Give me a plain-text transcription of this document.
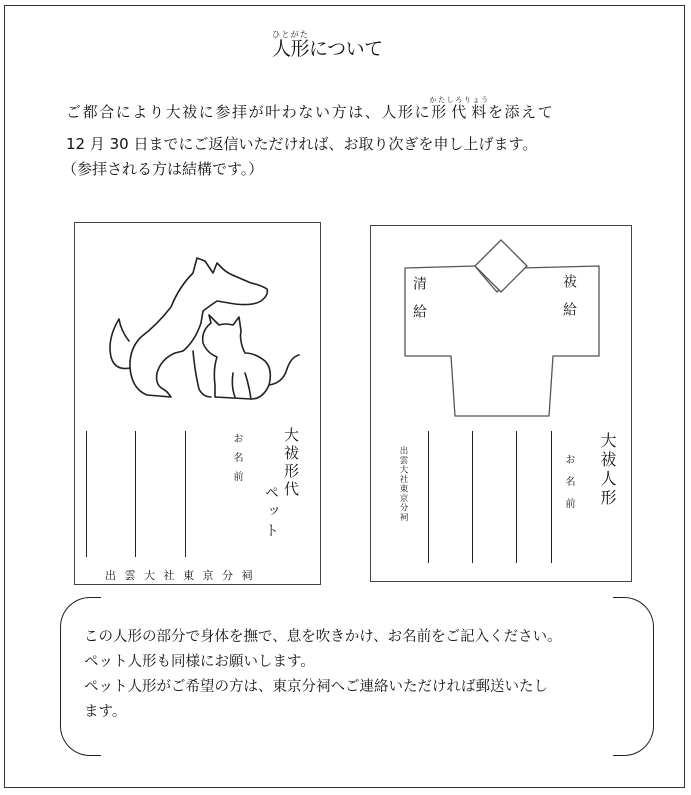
人形ひとがたについて
ご都合により大祓に参拝が叶わない方は、人形に形代料かたしろりょうを添えて
12 月 30 日までにご返信いただければ、お取り次ぎを申し上げます。
（参拝される方は結構です。）
お名前	大祓形代
ペット
出雲大社東京分祠
清給	祓給
出雲大社東京分祠	お名前 大祓人形
この人形の部分で身体を撫で、息を吹きかけ、お名前をご記入ください。
ペット人形も同様にお願いします。
ペット人形がご希望の方は、東京分祠へご連絡いただければ郵送いたし
ます。
